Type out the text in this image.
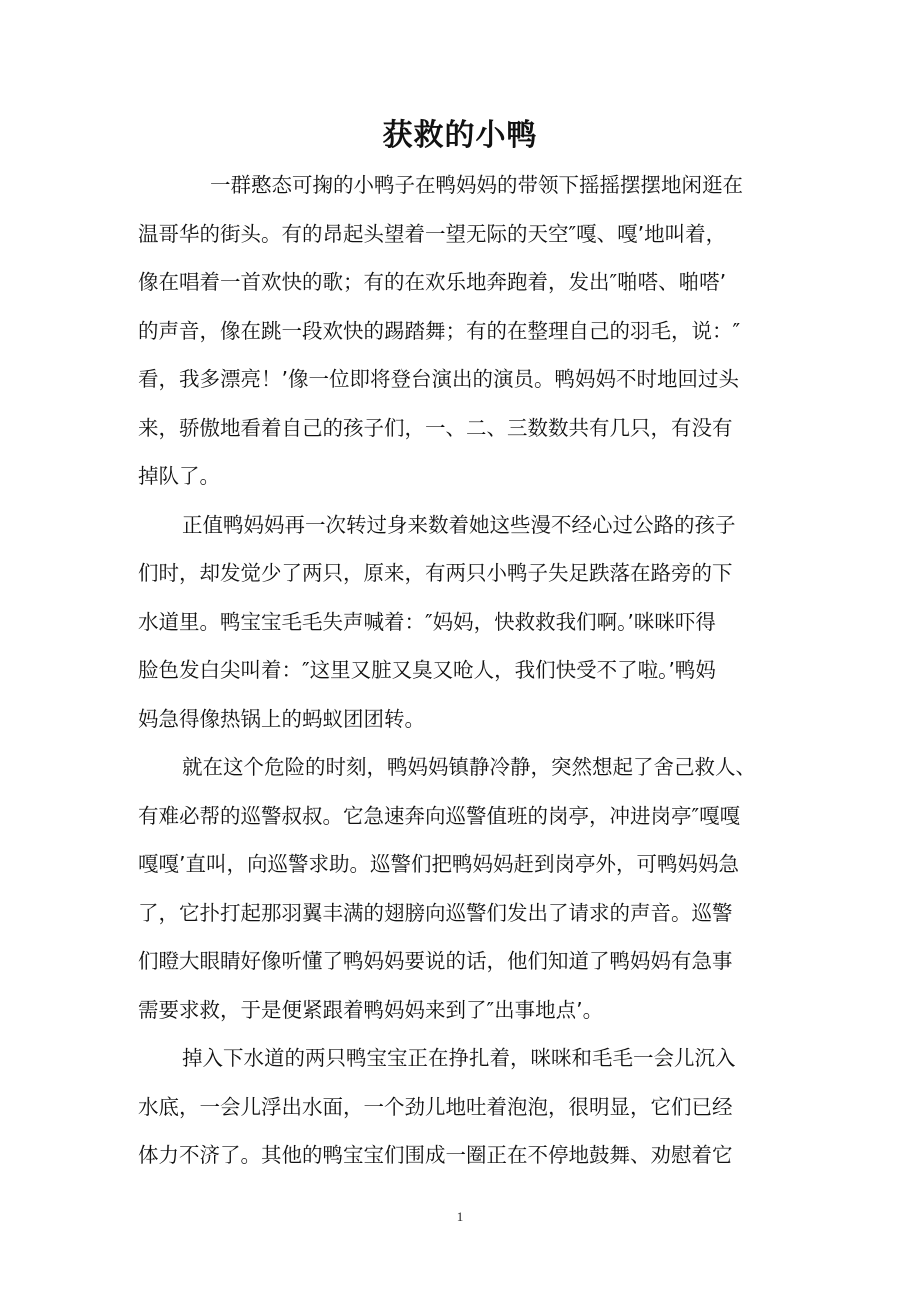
获救的小鸭
一群憨态可掬的小鸭子在鸭妈妈的带领下摇摇摆摆地闲逛在
温哥华的街头。有的昂起头望着一望无际的天空″嘎、嘎’地叫着，
像在唱着一首欢快的歌；有的在欢乐地奔跑着，发出″啪嗒、啪嗒’
的声音，像在跳一段欢快的踢踏舞；有的在整理自己的羽毛，说：″
看，我多漂亮！’像一位即将登台演出的演员。鸭妈妈不时地回过头
来，骄傲地看着自己的孩子们，一、二、三数数共有几只，有没有
掉队了。
正值鸭妈妈再一次转过身来数着她这些漫不经心过公路的孩子
们时，却发觉少了两只，原来，有两只小鸭子失足跌落在路旁的下
水道里。鸭宝宝毛毛失声喊着：″妈妈，快救救我们啊。’咪咪吓得
脸色发白尖叫着：″这里又脏又臭又呛人，我们快受不了啦。’鸭妈
妈急得像热锅上的蚂蚁团团转。
就在这个危险的时刻，鸭妈妈镇静冷静，突然想起了舍己救人、
有难必帮的巡警叔叔。它急速奔向巡警值班的岗亭，冲进岗亭″嘎嘎
嘎嘎’直叫，向巡警求助。巡警们把鸭妈妈赶到岗亭外，可鸭妈妈急
了，它扑打起那羽翼丰满的翅膀向巡警们发出了请求的声音。巡警
们瞪大眼睛好像听懂了鸭妈妈要说的话，他们知道了鸭妈妈有急事
需要求救，于是便紧跟着鸭妈妈来到了″出事地点’。
掉入下水道的两只鸭宝宝正在挣扎着，咪咪和毛毛一会儿沉入
水底，一会儿浮出水面，一个劲儿地吐着泡泡，很明显，它们已经
体力不济了。其他的鸭宝宝们围成一圈正在不停地鼓舞、劝慰着它
1
